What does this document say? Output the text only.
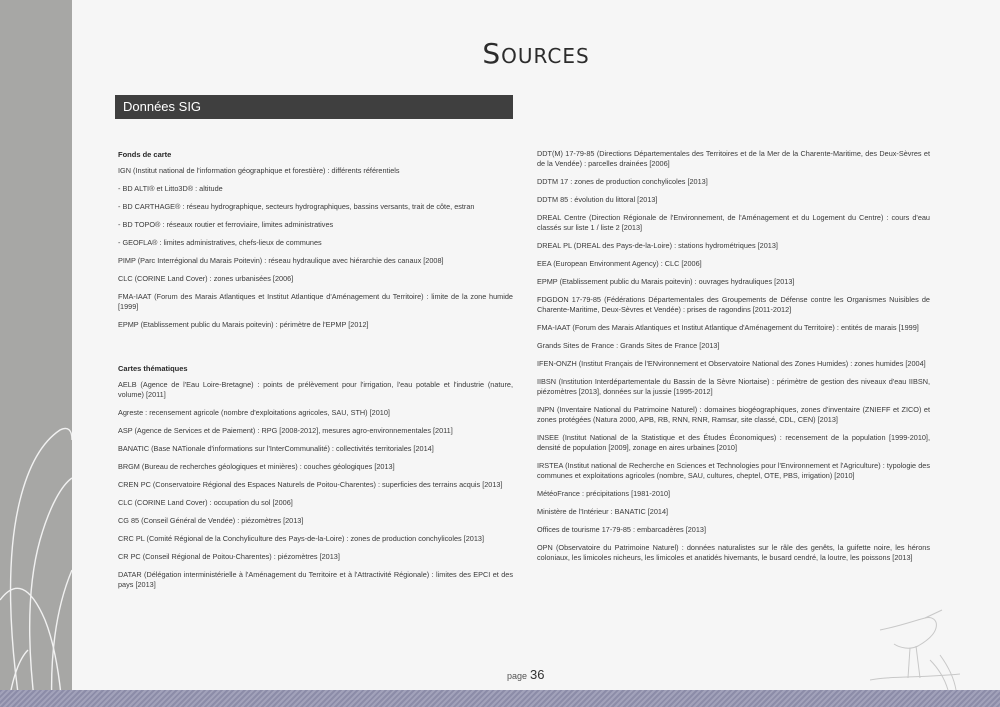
Sources
Données SIG
Fonds de carte

IGN (Institut national de l'information géographique et forestière) : différents référentiels

- BD ALTI® et Litto3D® : altitude

- BD CARTHAGE® : réseau hydrographique, secteurs hydrographiques, bassins versants, trait de côte, estran

- BD TOPO® : réseaux routier et ferroviaire, limites administratives

- GEOFLA® : limites administratives, chefs-lieux de communes

PIMP (Parc Interrégional du Marais Poitevin) : réseau hydraulique avec hiérarchie des canaux [2008]

CLC (CORINE Land Cover) : zones urbanisées [2006]

FMA-IAAT (Forum des Marais Atlantiques et Institut Atlantique d'Aménagement du Territoire) : limite de la zone humide [1999]

EPMP (Etablissement public du Marais poitevin) : périmètre de l'EPMP [2012]

Cartes thématiques

AELB (Agence de l'Eau Loire-Bretagne) : points de prélèvement pour l'irrigation, l'eau potable et l'industrie (nature, volume) [2011]

Agreste : recensement agricole (nombre d'exploitations agricoles, SAU, STH) [2010]

ASP (Agence de Services et de Paiement) : RPG [2008-2012], mesures agro-environnementales [2011]

BANATIC (Base NATionale d'informations sur l'InterCommunalité) : collectivités territoriales [2014]

BRGM (Bureau de recherches géologiques et minières) : couches géologiques [2013]

CREN PC (Conservatoire Régional des Espaces Naturels de Poitou-Charentes) : superficies des terrains acquis [2013]

CLC (CORINE Land Cover) : occupation du sol [2006]

CG 85 (Conseil Général de Vendée) : piézomètres [2013]

CRC PL (Comité Régional de la Conchyliculture des Pays-de-la-Loire) : zones de production conchylicoles [2013]

CR PC (Conseil Régional de Poitou-Charentes) : piézomètres [2013]

DATAR (Délégation interministérielle à l'Aménagement du Territoire et à l'Attractivité Régionale) : limites des EPCI et des pays [2013]

DDT(M) 17-79-85 (Directions Départementales des Territoires et de la Mer de la Charente-Maritime, des Deux-Sèvres et de la Vendée) : parcelles drainées [2006]

DDTM 17 : zones de production conchylicoles [2013]

DDTM 85 : évolution du littoral [2013]

DREAL Centre (Direction Régionale de l'Environnement, de l'Aménagement et du Logement du Centre) : cours d'eau classés sur liste 1 / liste 2 [2013]

DREAL PL (DREAL des Pays-de-la-Loire) : stations hydrométriques [2013]

EEA (European Environment Agency) : CLC [2006]

EPMP (Etablissement public du Marais poitevin) : ouvrages hydrauliques [2013]

FDGDON 17-79-85 (Fédérations Départementales des Groupements de Défense contre les Organismes Nuisibles de Charente-Maritime, Deux-Sèvres et Vendée) : prises de ragondins [2011-2012]

FMA-IAAT (Forum des Marais Atlantiques et Institut Atlantique d'Aménagement du Territoire) : entités de marais [1999]

Grands Sites de France : Grands Sites de France [2013]

IFEN-ONZH (Institut Français de l'ENvironnement et Observatoire National des Zones Humides) : zones humides [2004]

IIBSN (Institution Interdépartementale du Bassin de la Sèvre Niortaise) : périmètre de gestion des niveaux d'eau IIBSN, piézomètres [2013], données sur la jussie [1995-2012]

INPN (Inventaire National du Patrimoine Naturel) : domaines biogéographiques, zones d'inventaire (ZNIEFF et ZICO) et zones protégées (Natura 2000, APB, RB, RNN, RNR, Ramsar, site classé, CDL, CEN) [2013]

INSEE (Institut National de la Statistique et des Études Économiques) : recensement de la population [1999-2010], densité de population [2009], zonage en aires urbaines [2010]

IRSTEA (Institut national de Recherche en Sciences et Technologies pour l'Environnement et l'Agriculture) : typologie des communes et exploitations agricoles (nombre, SAU, cultures, cheptel, OTE, PBS, irrigation) [2010]

MétéoFrance : précipitations [1981-2010]

Ministère de l'Intérieur : BANATIC [2014]

Offices de tourisme 17-79-85 : embarcadères [2013]

OPN (Observatoire du Patrimoine Naturel) : données naturalistes sur le râle des genêts, la guifette noire, les hérons coloniaux, les limicoles nicheurs, les limicoles et anatidés hivernants, le busard cendré, la loutre, les poissons [2013]

page 36
